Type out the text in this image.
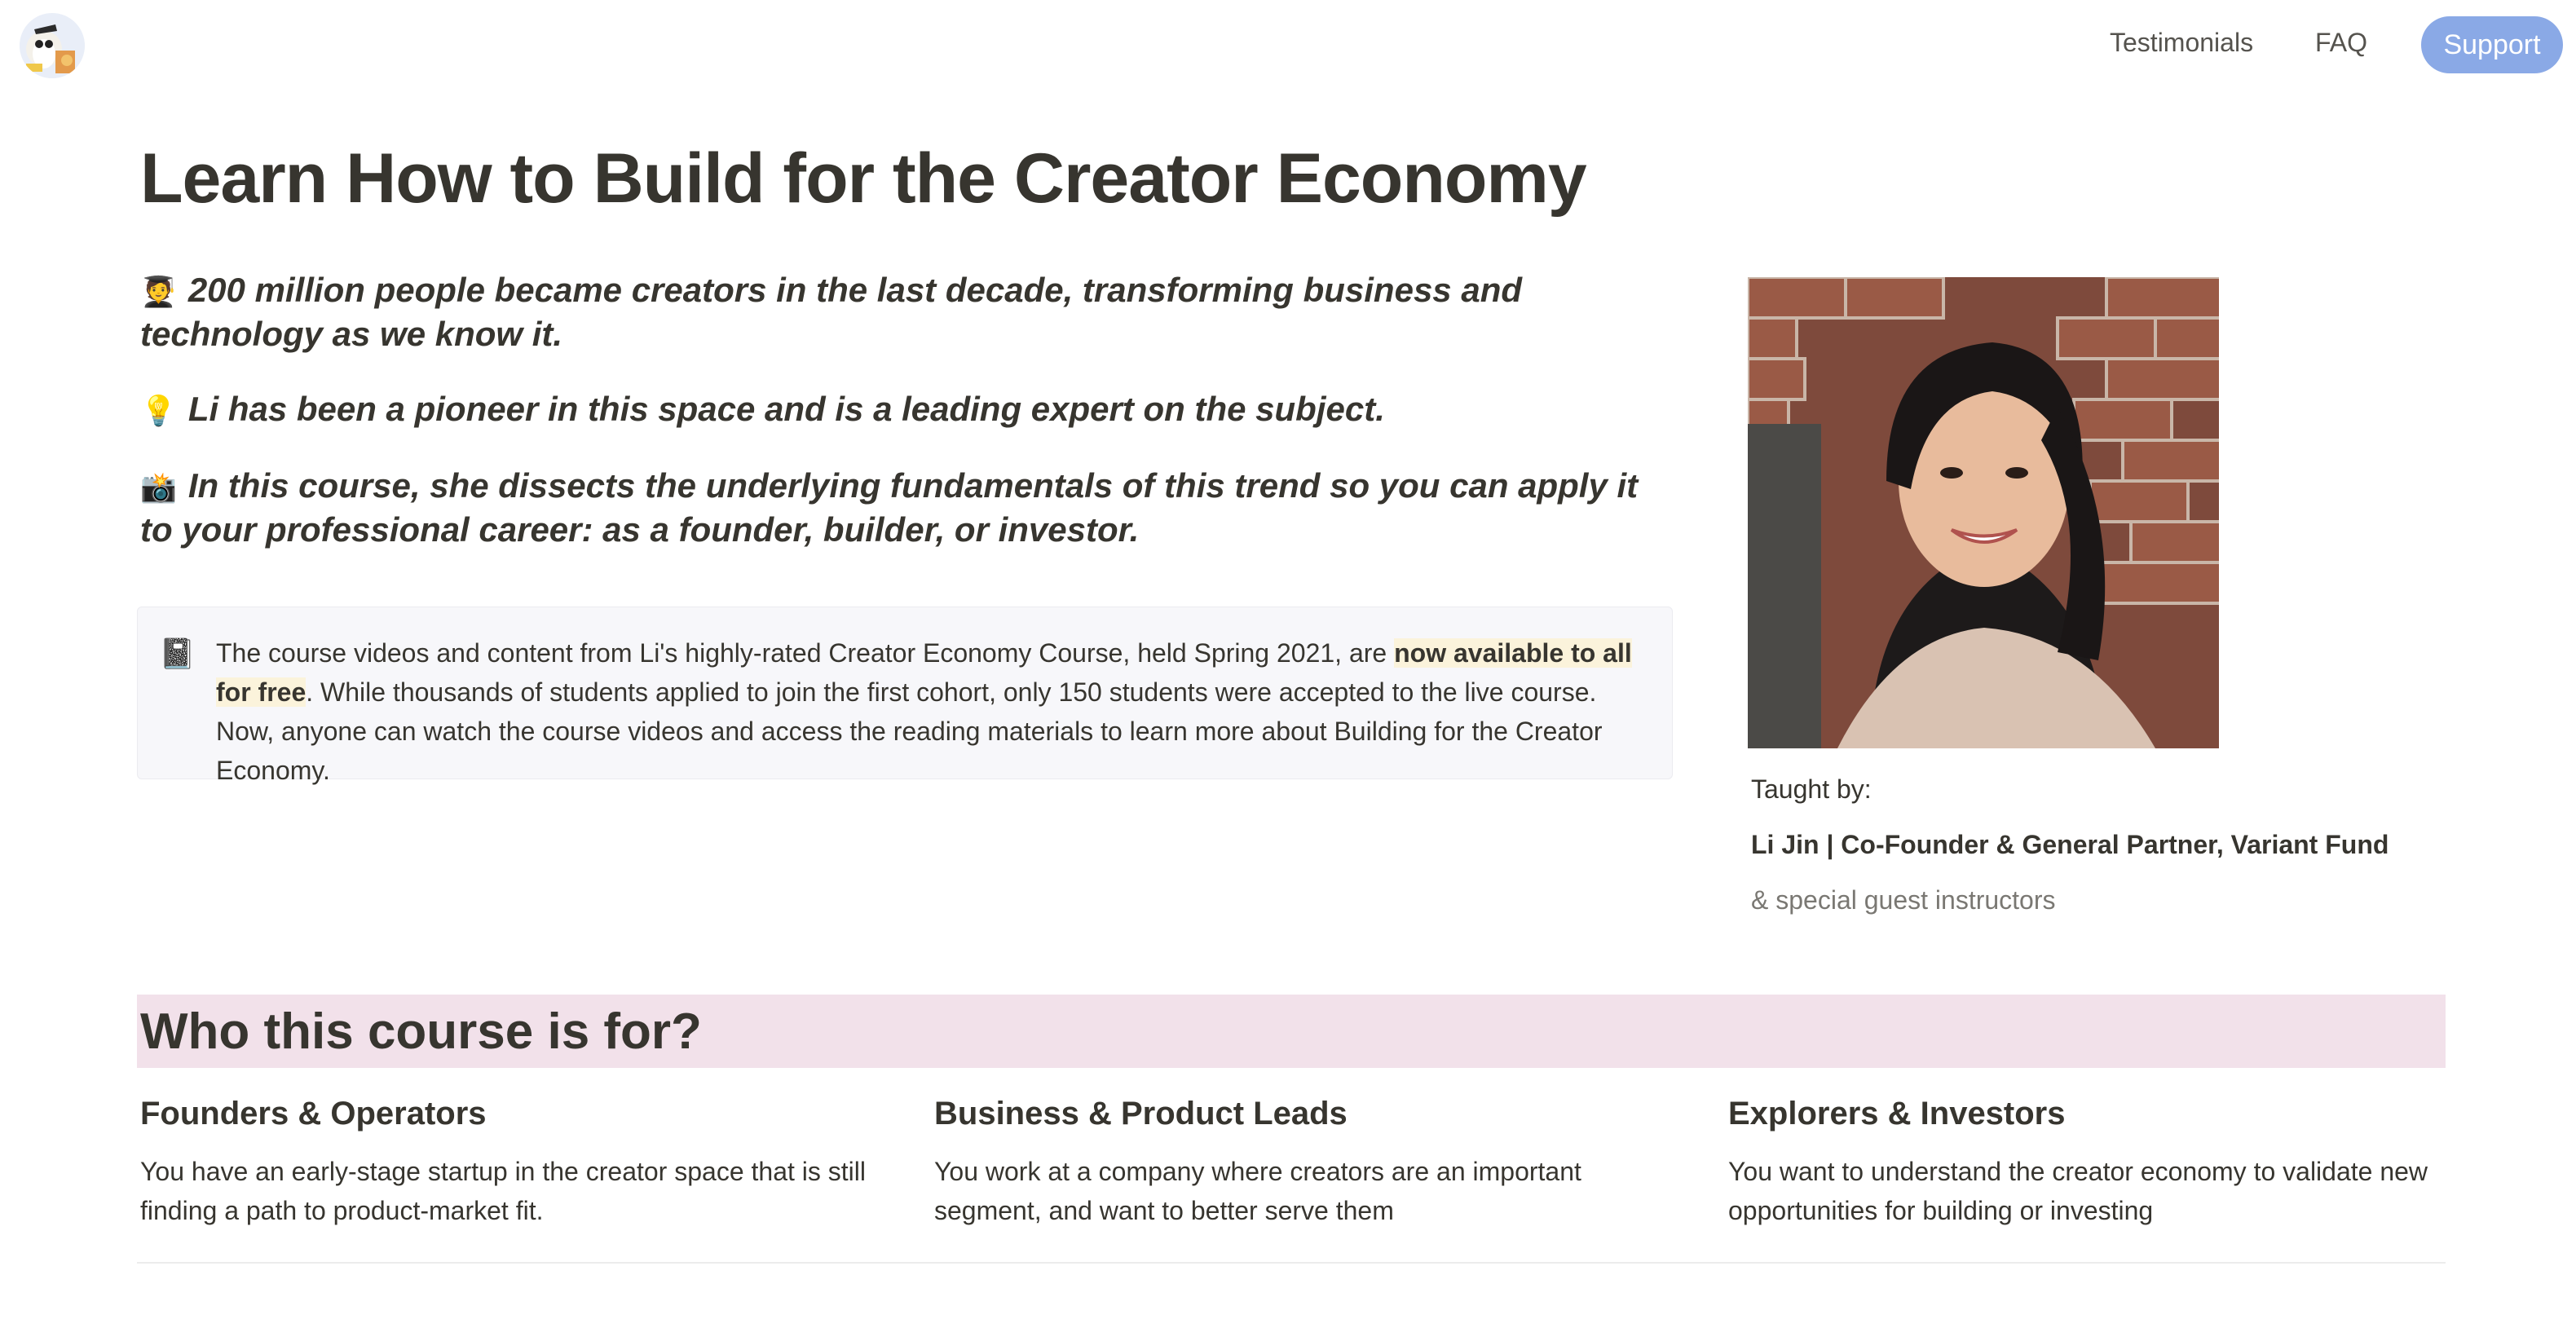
Testimonials FAQ	Support
Learn How to Build for the Creator Economy

🧑‍🎓 200 million people became creators in the last decade, transforming business and technology as we know it.

💡 Li has been a pioneer in this space and is a leading expert on the subject.

📸 In this course, she dissects the underlying fundamentals of this trend so you can apply it to your professional career: as a founder, builder, or investor.

📓 The course videos and content from Li's highly-rated Creator Economy Course, held Spring 2021, are now available to all for free. While thousands of students applied to join the first cohort, only 150 students were accepted to the live course. Now, anyone can watch the course videos and access the reading materials to learn more about Building for the Creator Economy.

Taught by:

Li Jin | Co-Founder & General Partner, Variant Fund

& special guest instructors

Who this course is for?
Founders & Operators

You have an early-stage startup in the creator space that is still finding a path to product-market fit.

Business & Product Leads

You work at a company where creators are an important segment, and want to better serve them

Explorers & Investors

You want to understand the creator economy to validate new opportunities for building or investing
